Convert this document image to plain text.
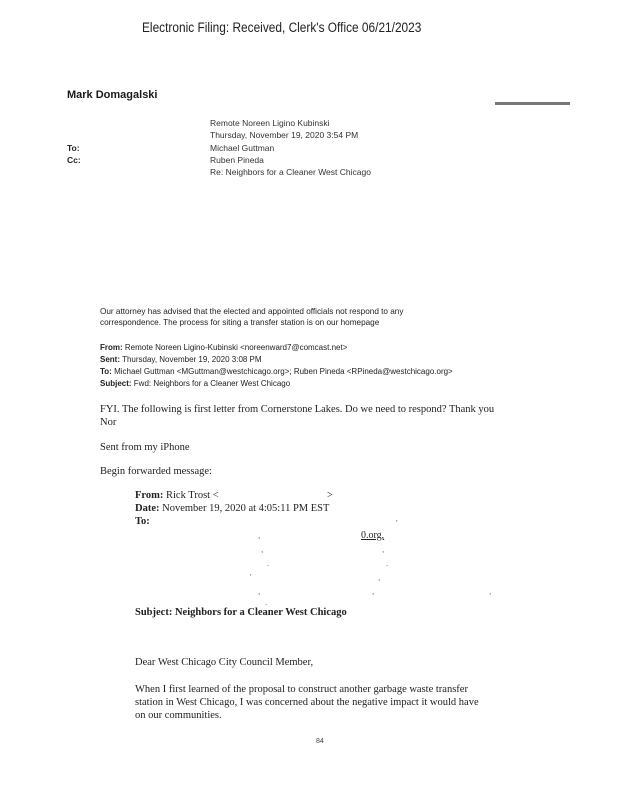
Electronic Filing: Received, Clerk's Office 06/21/2023
Mark Domagalski
Remote Noreen Ligino Kubinski
Thursday, November 19, 2020 3:54 PM
To:	Michael Guttman
Cc:	Ruben Pineda
Re: Neighbors for a Cleaner West Chicago
Our attorney has advised that the elected and appointed officials not respond to any
correspondence. The process for siting a transfer station is on our homepage
From: Remote Noreen Ligino-Kubinski <noreenward7@comcast.net>
Sent: Thursday, November 19, 2020 3:08 PM
To: Michael Guttman <MGuttman@westchicago.org>; Ruben Pineda <RPineda@westchicago.org>
Subject: Fwd: Neighbors for a Cleaner West Chicago
FYI. The following is first letter from Cornerstone Lakes. Do we need to respond? Thank you
Nor
Sent from my iPhone
Begin forwarded message:
From: Rick Trost <	>
Date: November 19, 2020 at 4:05:11 PM EST
To:	'
,	0.org,
,	,
.	.
'	,
,	,	,
.
Subject: Neighbors for a Cleaner West Chicago
Dear West Chicago City Council Member,
When I first learned of the proposal to construct another garbage waste transfer
station in West Chicago, I was concerned about the negative impact it would have
on our communities.
84
